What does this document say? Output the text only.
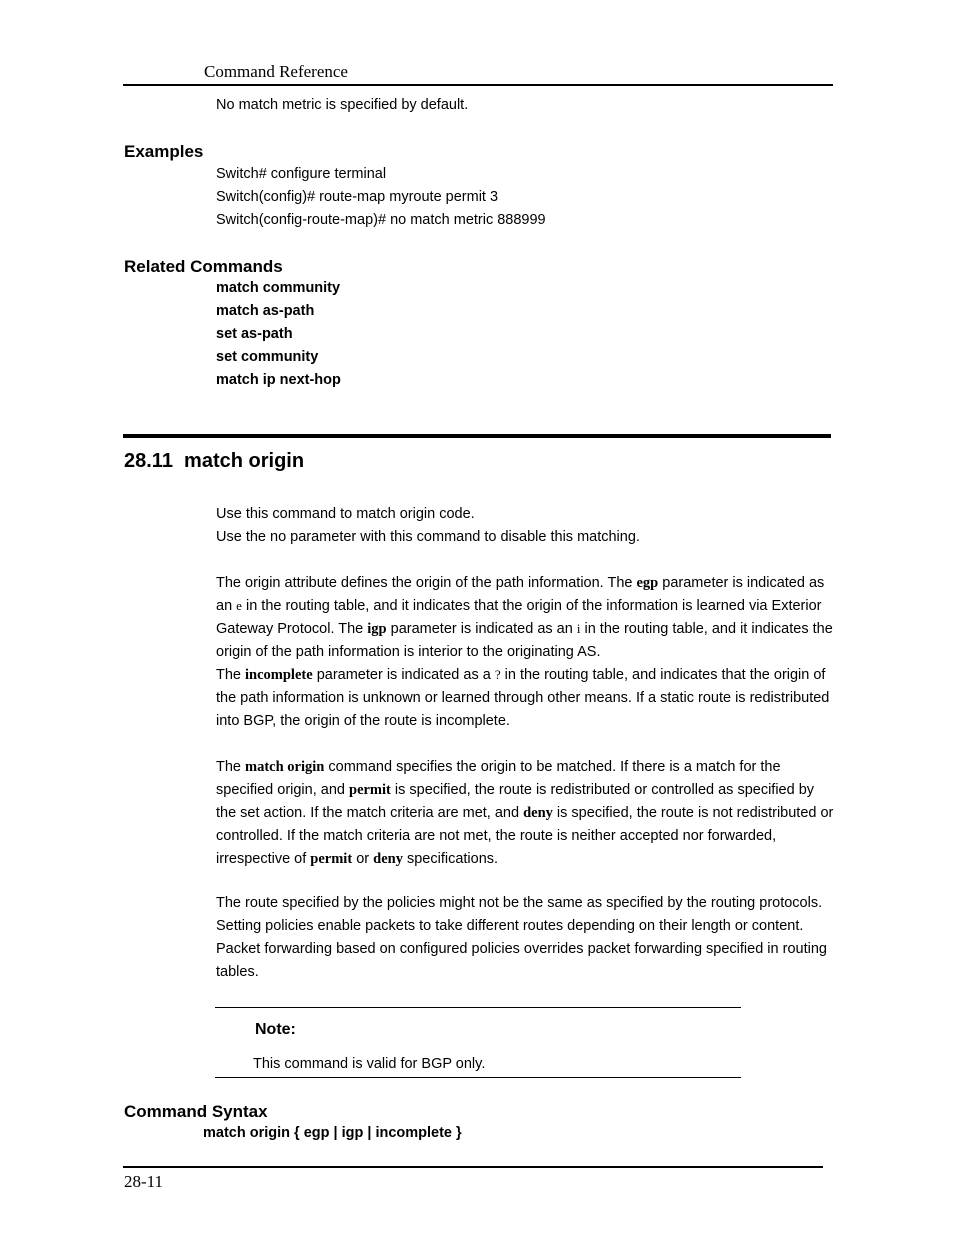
Command Reference
No match metric is specified by default.
Examples
Switch# configure terminal
Switch(config)# route-map myroute permit 3
Switch(config-route-map)# no match metric 888999
Related Commands
match community
match as-path
set as-path
set community
match ip next-hop
28.11  match origin
Use this command to match origin code.
Use the no parameter with this command to disable this matching.
The origin attribute defines the origin of the path information. The egp parameter is indicated as an e in the routing table, and it indicates that the origin of the information is learned via Exterior Gateway Protocol. The igp parameter is indicated as an i in the routing table, and it indicates the origin of the path information is interior to the originating AS.
The incomplete parameter is indicated as a ? in the routing table, and indicates that the origin of the path information is unknown or learned through other means. If a static route is redistributed into BGP, the origin of the route is incomplete.
The match origin command specifies the origin to be matched. If there is a match for the specified origin, and permit is specified, the route is redistributed or controlled as specified by the set action. If the match criteria are met, and deny is specified, the route is not redistributed or controlled. If the match criteria are not met, the route is neither accepted nor forwarded, irrespective of permit or deny specifications.
The route specified by the policies might not be the same as specified by the routing protocols. Setting policies enable packets to take different routes depending on their length or content. Packet forwarding based on configured policies overrides packet forwarding specified in routing tables.
Note:
This command is valid for BGP only.
Command Syntax
match origin { egp | igp | incomplete }
28-11
